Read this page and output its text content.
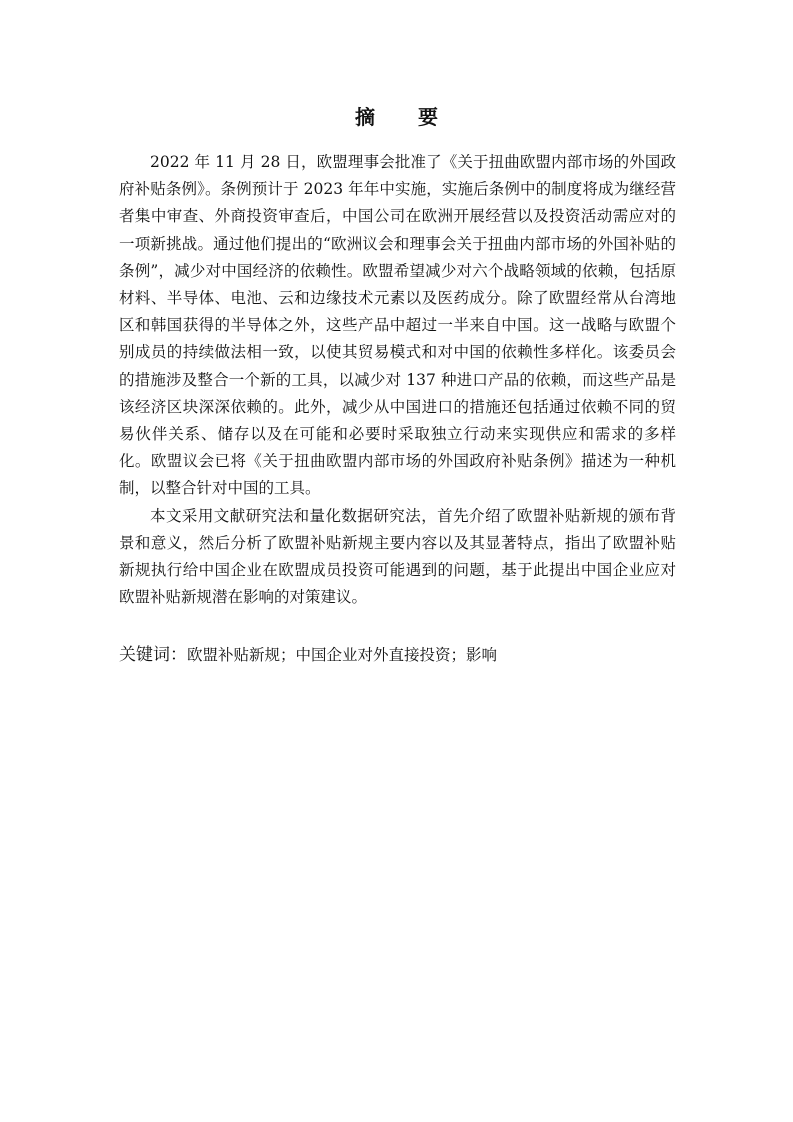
摘 要

2022 年 11 月 28 日，欧盟理事会批准了《关于扭曲欧盟内部市场的外国政府补贴条例》。条例预计于 2023 年年中实施，实施后条例中的制度将成为继经营者集中审查、外商投资审查后，中国公司在欧洲开展经营以及投资活动需应对的一项新挑战。通过他们提出的“欧洲议会和理事会关于扭曲内部市场的外国补贴的条例”，减少对中国经济的依赖性。欧盟希望减少对六个战略领域的依赖，包括原材料、半导体、电池、云和边缘技术元素以及医药成分。除了欧盟经常从台湾地区和韩国获得的半导体之外，这些产品中超过一半来自中国。这一战略与欧盟个别成员的持续做法相一致，以使其贸易模式和对中国的依赖性多样化。该委员会的措施涉及整合一个新的工具，以减少对 137 种进口产品的依赖，而这些产品是该经济区块深深依赖的。此外，减少从中国进口的措施还包括通过依赖不同的贸易伙伴关系、储存以及在可能和必要时采取独立行动来实现供应和需求的多样化。欧盟议会已将《关于扭曲欧盟内部市场的外国政府补贴条例》描述为一种机制，以整合针对中国的工具。

本文采用文献研究法和量化数据研究法，首先介绍了欧盟补贴新规的颁布背景和意义，然后分析了欧盟补贴新规主要内容以及其显著特点，指出了欧盟补贴新规执行给中国企业在欧盟成员投资可能遇到的问题，基于此提出中国企业应对欧盟补贴新规潜在影响的对策建议。

关键词：欧盟补贴新规；中国企业对外直接投资；影响
